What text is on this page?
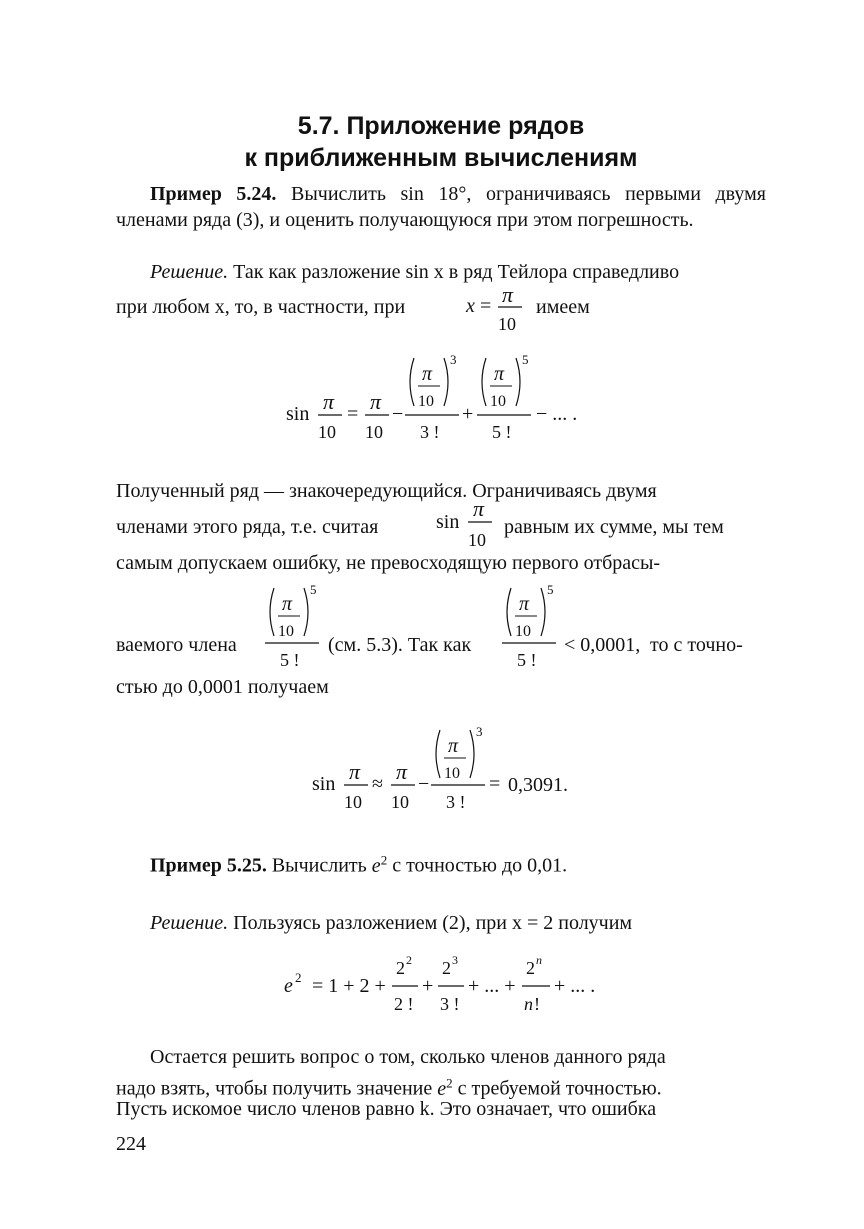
5.7. Приложение рядов
к приближенным вычислениям

Пример 5.24. Вычислить sin 18°, ограничиваясь первыми двумя членами ряда (3), и оценить получающуюся при этом погрешность.

Решение. Так как разложение sin x в ряд Тейлора справедливо
при любом x, то, в частности, при	x = π
10
имеем
sin π
10
= π
10
−
π
10
3
3 !
+
π
10
5
5 !
− ... .
Полученный ряд — знакочередующийся. Ограничиваясь двумя
членами этого ряда, т.е. считая	sin
π
10
равным их сумме, мы тем
самым допускаем ошибку, не превосходящую первого отбрасы-
ваемого члена
π
10
5
5 !
(см. 5.3). Так как
π
10
5
5 !
< 0,0001, то с точно-
стью до 0,0001 получаем
sin π
10
≈ π
10
−
π
10
3
3 !
= 0,3091.
Пример 5.25. Вычислить $e^2$ с точностью до 0,01.
Решение. Пользуясь разложением (2), при x = 2 получим
e 2 = 1 + 2 +
2 2
2 !
+
2 3
3 !
+ ... +
2 n
n !
+ ... .
Остается решить вопрос о том, сколько членов данного ряда
надо взять, чтобы получить значение $e^2$ с требуемой точностью.
Пусть искомое число членов равно k. Это означает, что ошибка
224
